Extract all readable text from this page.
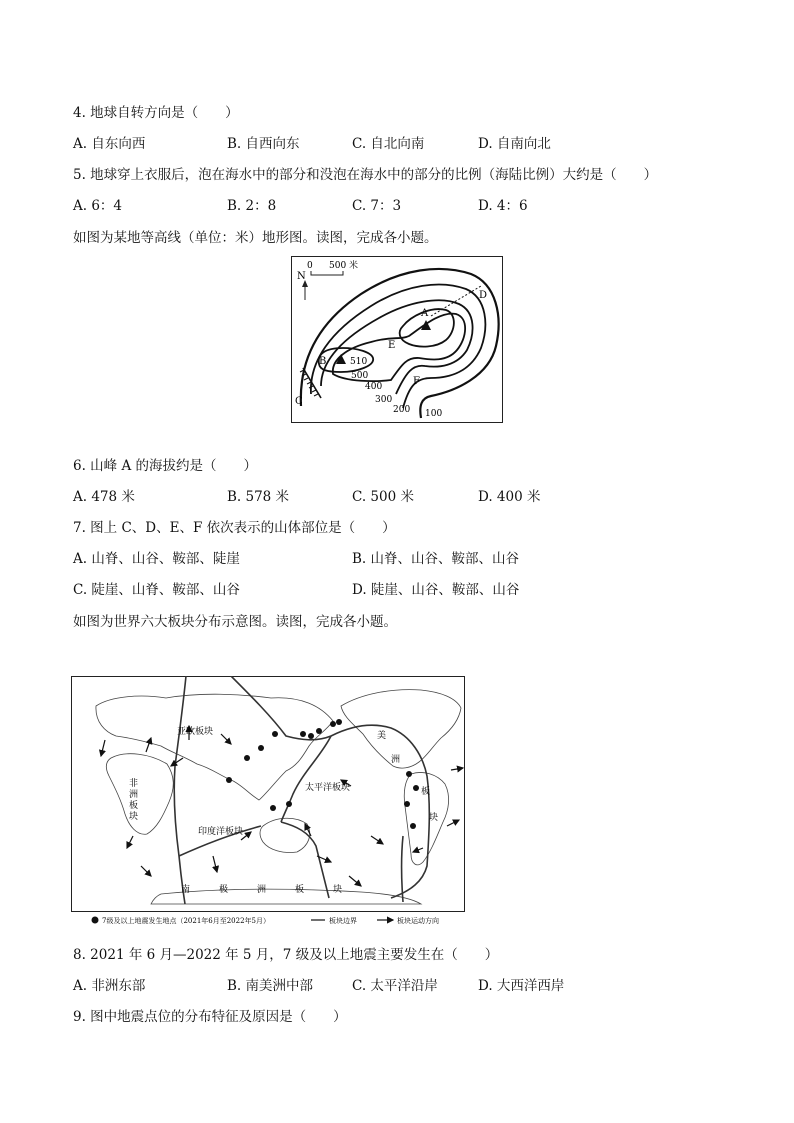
4. 地球自转方向是（　　）
A. 自东向西	B. 自西向东	C. 自北向南	D. 自南向北
5. 地球穿上衣服后，泡在海水中的部分和没泡在海水中的部分的比例（海陆比例）大约是（　　）
A. 6：4	B. 2：8	C. 7：3	D. 4：6
如图为某地等高线（单位：米）地形图。读图，完成各小题。
N
0 500 米
A
B
C
D
E
F
510
500
400
300
200 100
6. 山峰 A 的海拔约是（　　）
A. 478 米	B. 578 米	C. 500 米	D. 400 米
7. 图上 C、D、E、F 依次表示的山体部位是（　　）
A. 山脊、山谷、鞍部、陡崖	B. 山脊、山谷、鞍部、山谷
C. 陡崖、山脊、鞍部、山谷	D. 陡崖、山谷、鞍部、山谷
如图为世界六大板块分布示意图。读图，完成各小题。
亚欧板块
非
洲
板
块
印度洋板块
太平洋板块
美
洲
板
块
南	极	洲	板	块
7级及以上地震发生地点（2021年6月至2022年5月）	板块边界	板块运动方向
8. 2021 年 6 月—2022 年 5 月，7 级及以上地震主要发生在（　　）
A. 非洲东部	B. 南美洲中部	C. 太平洋沿岸	D. 大西洋西岸
9. 图中地震点位的分布特征及原因是（　　）
